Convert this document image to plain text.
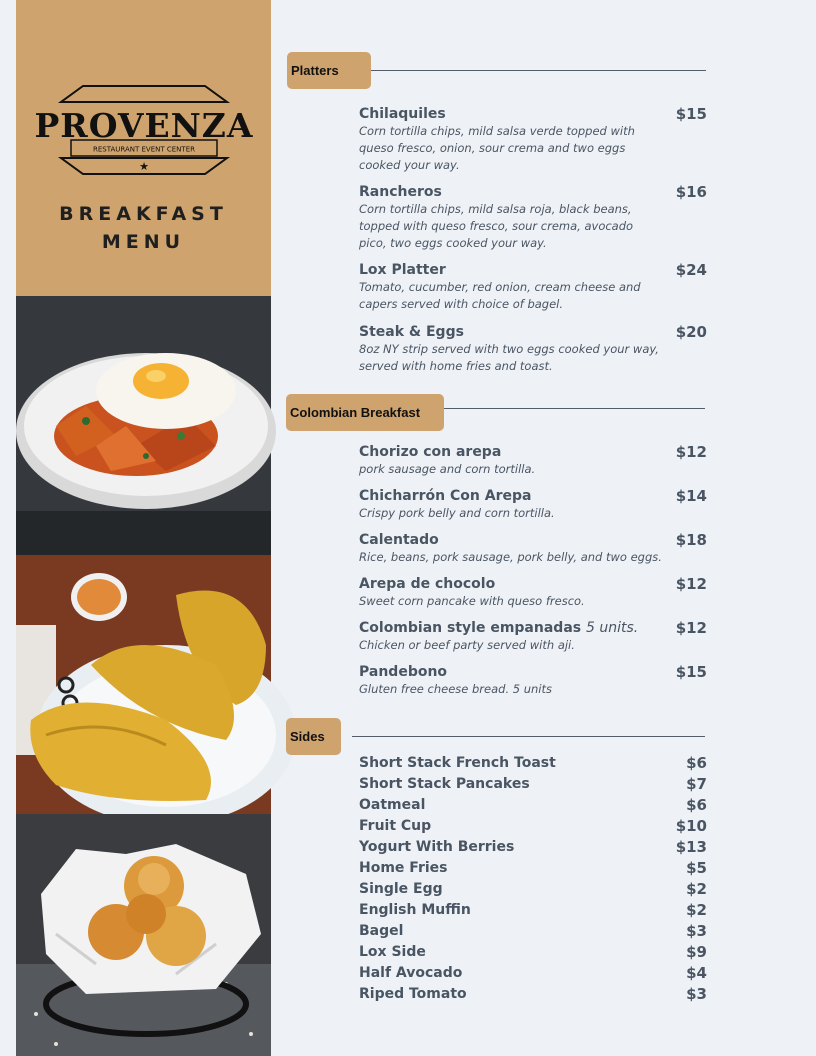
PROVENZA
RESTAURANT EVENT CENTER
★
BREAKFAST
MENU
Platters
Chilaquiles	$15
Corn tortilla chips, mild salsa verde topped with queso fresco, onion, sour crema and two eggs cooked your way.
Rancheros	$16
Corn tortilla chips, mild salsa roja, black beans, topped with queso fresco, sour crema, avocado pico, two eggs cooked your way.
Lox Platter	$24
Tomato, cucumber, red onion, cream cheese and capers served with choice of bagel.
Steak & Eggs	$20
8oz NY strip served with two eggs cooked your way, served with home fries and toast.
Colombian Breakfast
Chorizo con arepa	$12
pork sausage and corn tortilla.
Chicharrón Con Arepa	$14
Crispy pork belly and corn tortilla.
Calentado	$18
Rice, beans, pork sausage, pork belly, and two eggs.
Arepa de chocolo	$12
Sweet corn pancake with queso fresco.
Colombian style empanadas 5 units.	$12
Chicken or beef party served with aji.
Pandebono	$15
Gluten free cheese bread. 5 units
Sides
Short Stack French Toast	$6
Short Stack Pancakes	$7
Oatmeal	$6
Fruit Cup	$10
Yogurt With Berries	$13
Home Fries	$5
Single Egg	$2
English Muffin	$2
Bagel	$3
Lox Side	$9
Half Avocado	$4
Riped Tomato	$3
